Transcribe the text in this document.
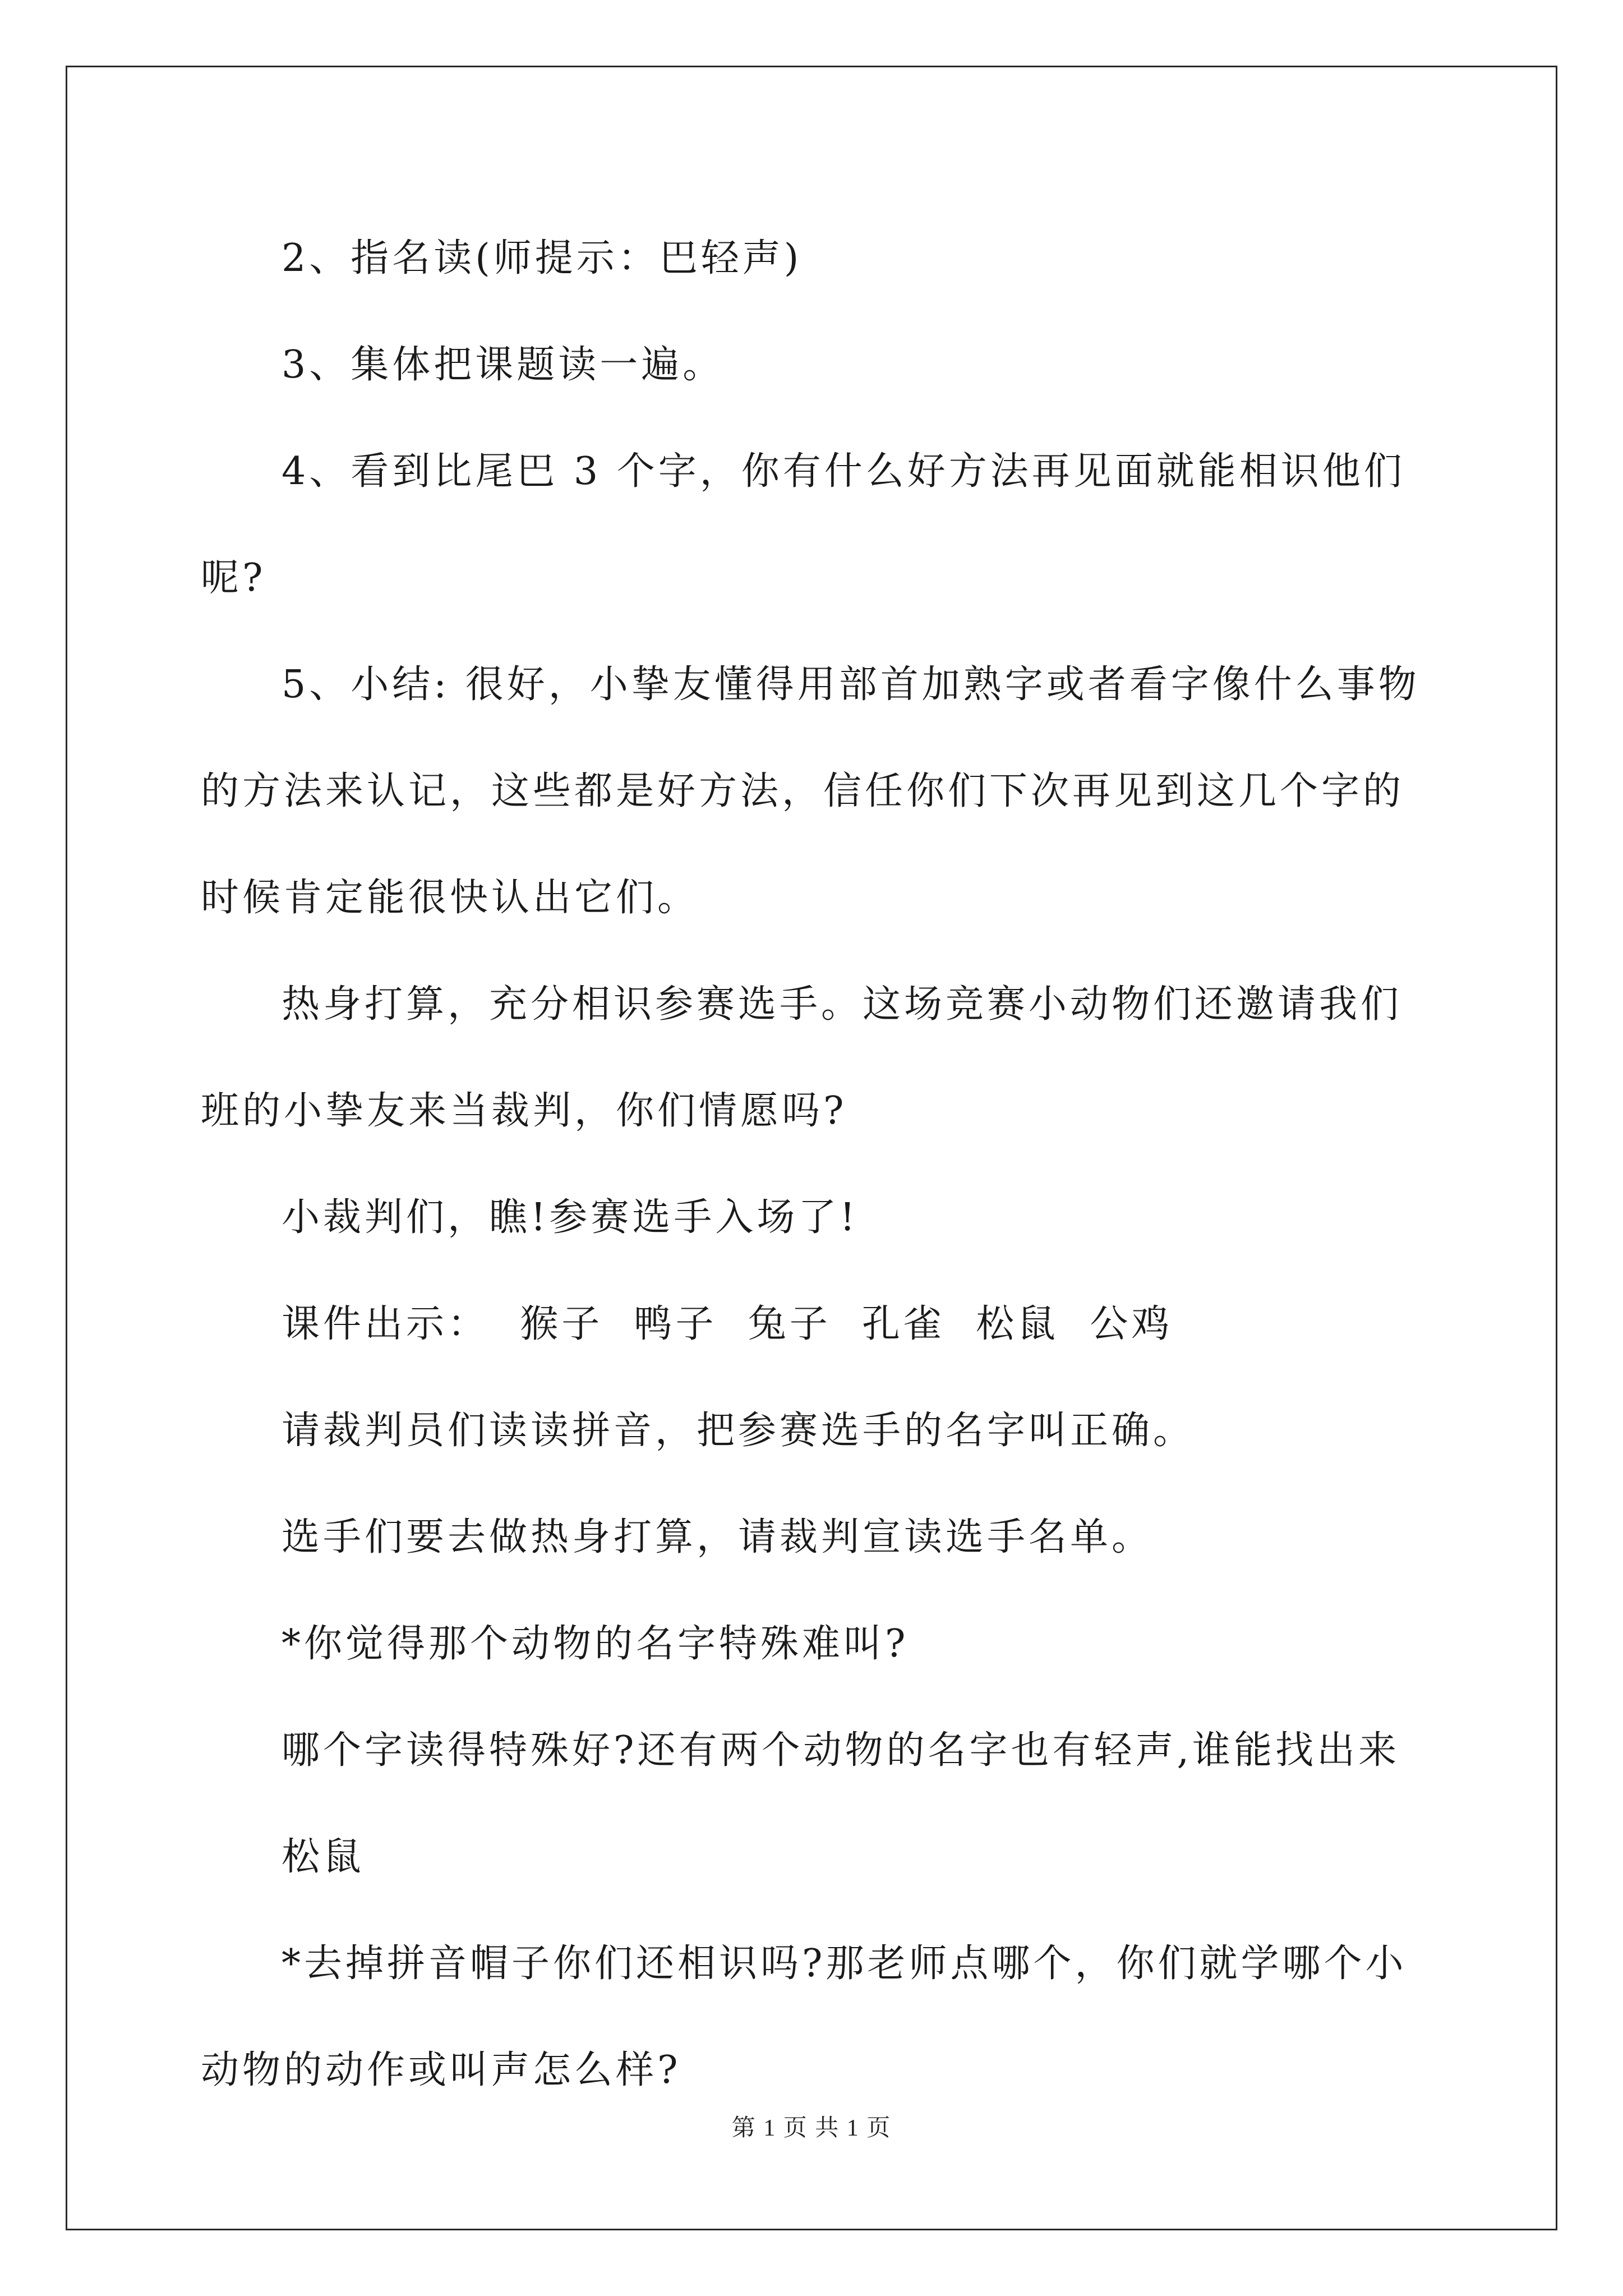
2、指名读(师提示：巴轻声)

3、集体把课题读一遍。

4、看到比尾巴 3 个字，你有什么好方法再见面就能相识他们呢?

5、小结: 很好，小挚友懂得用部首加熟字或者看字像什么事物的方法来认记，这些都是好方法，信任你们下次再见到这几个字的时候肯定能很快认出它们。

热身打算，充分相识参赛选手。这场竞赛小动物们还邀请我们班的小挚友来当裁判，你们情愿吗?

小裁判们，瞧!参赛选手入场了!

课件出示：  猴子  鸭子  兔子  孔雀  松鼠  公鸡

请裁判员们读读拼音，把参赛选手的名字叫正确。

选手们要去做热身打算，请裁判宣读选手名单。

*你觉得那个动物的名字特殊难叫?

哪个字读得特殊好?还有两个动物的名字也有轻声,谁能找出来

松鼠

*去掉拼音帽子你们还相识吗?那老师点哪个，你们就学哪个小动物的动作或叫声怎么样?

第 1 页 共 1 页
